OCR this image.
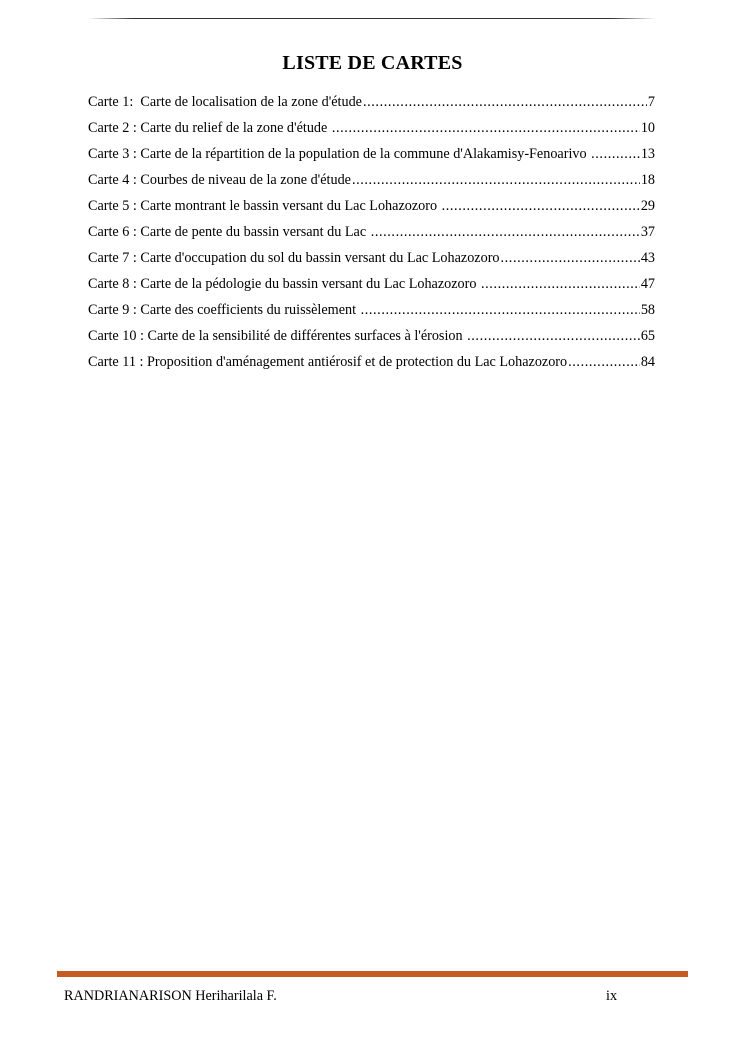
LISTE DE CARTES
Carte 1:  Carte de localisation de la zone d'étude .....	7
Carte 2 : Carte du relief de la zone d'étude .....	10
Carte 3 : Carte de la répartition de la population de la commune d'Alakamisy-Fenoarivo .....	13
Carte 4 : Courbes de niveau de la zone d'étude .....	18
Carte 5 : Carte montrant le bassin versant du Lac Lohazozoro .....	29
Carte 6 : Carte de pente du bassin versant du Lac .....	37
Carte 7 : Carte d'occupation du sol du bassin versant du Lac Lohazozoro .....	43
Carte 8 : Carte de la pédologie du bassin versant du Lac Lohazozoro .....	47
Carte 9 : Carte des coefficients du ruissèlement .....	58
Carte 10 : Carte de la sensibilité de différentes surfaces à l'érosion .....	65
Carte 11 : Proposition d'aménagement antiérosif et de protection du Lac Lohazozoro .....	84
RANDRIANARISON Heriharilala F.	ix
